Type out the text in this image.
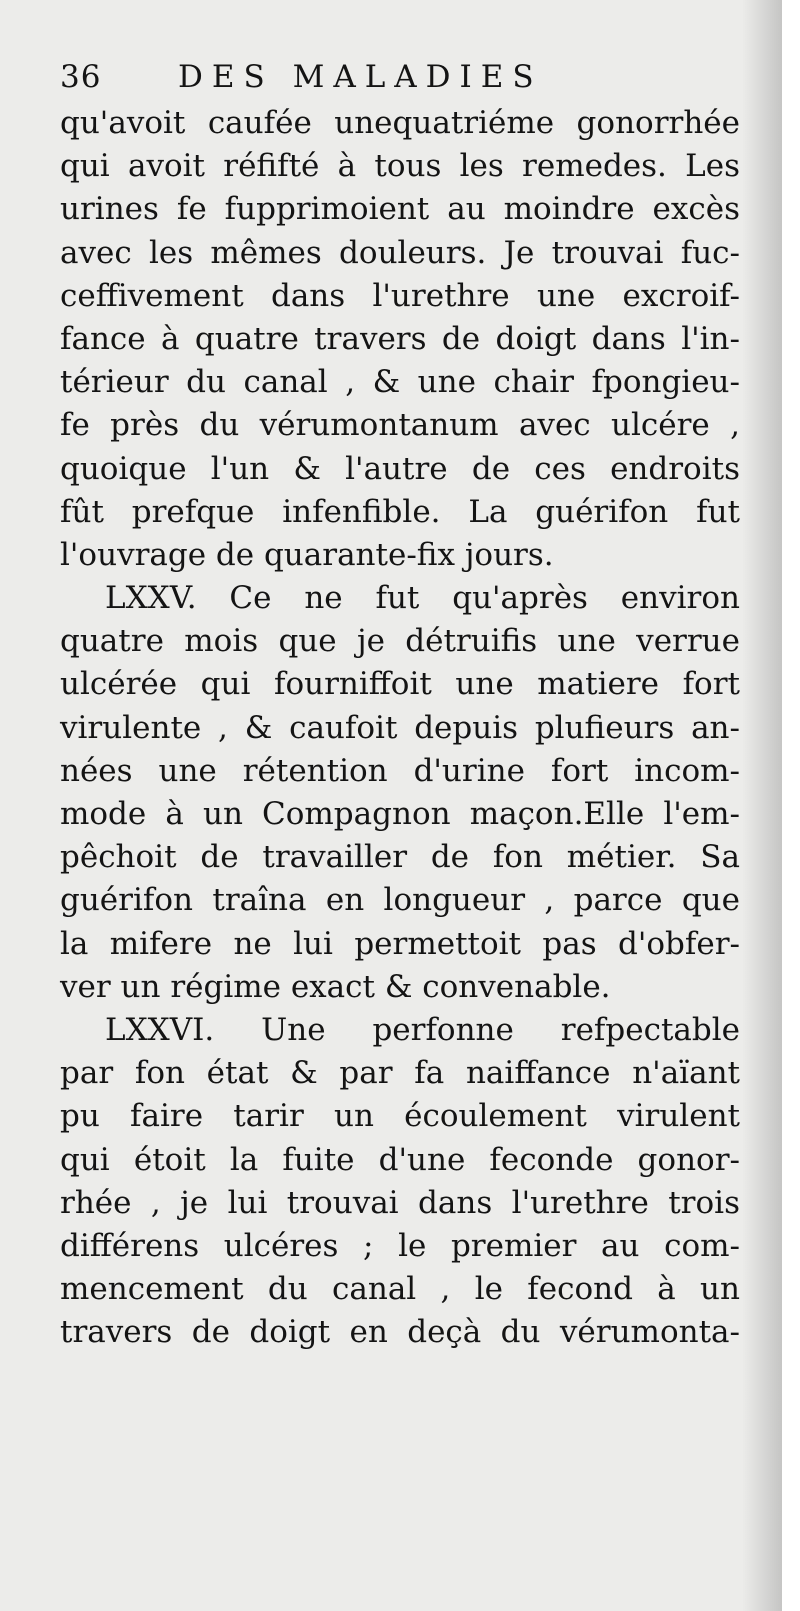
36 DES MALADIES
qu'avoit caufée unequatriéme gonorrhée
qui avoit réfifté à tous les remedes. Les
urines fe fupprimoient au moindre excès
avec les mêmes douleurs. Je trouvai fuc-
ceffivement dans l'urethre une excroif-
fance à quatre travers de doigt dans l'in-
térieur du canal , & une chair fpongieu-
fe près du vérumontanum avec ulcére ,
quoique l'un & l'autre de ces endroits
fût prefque infenfible. La guérifon fut
l'ouvrage de quarante-fix jours.
LXXV. Ce ne fut qu'après environ
quatre mois que je détruifis une verrue
ulcérée qui fourniffoit une matiere fort
virulente , & caufoit depuis plufieurs an-
nées une rétention d'urine fort incom-
mode à un Compagnon maçon.Elle l'em-
pêchoit de travailler de fon métier. Sa
guérifon traîna en longueur , parce que
la mifere ne lui permettoit pas d'obfer-
ver un régime exact & convenable.
LXXVI. Une perfonne refpectable
par fon état & par fa naiffance n'aïant
pu faire tarir un écoulement virulent
qui étoit la fuite d'une feconde gonor-
rhée , je lui trouvai dans l'urethre trois
différens ulcéres ; le premier au com-
mencement du canal , le fecond à un
travers de doigt en deçà du vérumonta-
